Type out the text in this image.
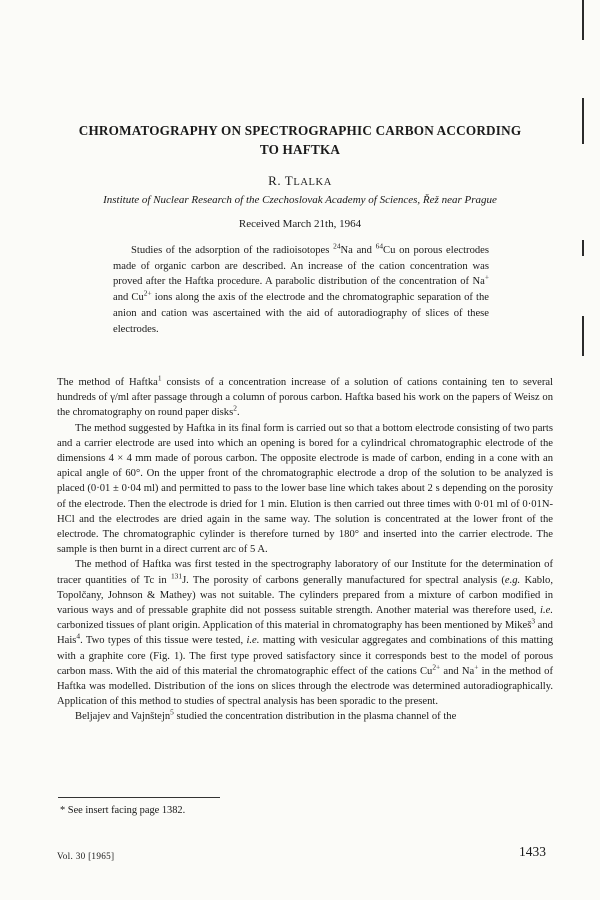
CHROMATOGRAPHY ON SPECTROGRAPHIC CARBON ACCORDING
TO HAFTKA
R. TLALKA
Institute of Nuclear Research of the Czechoslovak Academy of Sciences, Řež near Prague
Received March 21th, 1964
Studies of the adsorption of the radioisotopes $^{24}$Na and $^{64}$Cu on porous electrodes made of organic carbon are described. An increase of the cation concentration was proved after the Haftka procedure. A parabolic distribution of the concentration of Na+ and $Cu^{2+}$ ions along the axis of the electrode and the chromatographic separation of the anion and cation was ascertained with the aid of autoradiography of slices of these electrodes.

The method of Haftka$^1$ consists of a concentration increase of a solution of cations containing ten to several hundreds of γ/ml after passage through a column of porous carbon. Haftka based his work on the papers of Weisz on the chromatography on round paper disks$^2$.

The method suggested by Haftka in its final form is carried out so that a bottom electrode consisting of two parts and a carrier electrode are used into which an opening is bored for a cylindrical chromatographic electrode of the dimensions 4 × 4 mm made of porous carbon. The opposite electrode is made of carbon, ending in a cone with an apical angle of 60°. On the upper front of the chromatographic electrode a drop of the solution to be analyzed is placed (0·01 ± 0·04 ml) and permitted to pass to the lower base line which takes about 2 s depending on the porosity of the electrode. Then the electrode is dried for 1 min. Elution is then carried out three times with 0·01 ml of 0·01N-HCl and the electrodes are dried again in the same way. The solution is concentrated at the lower front of the electrode. The chromatographic cylinder is therefore turned by 180° and inserted into the carrier electrode. The sample is then burnt in a direct current arc of 5 A.

The method of Haftka was first tested in the spectrography laboratory of our Institute for the determination of tracer quantities of Tc in $^{131}$J. The porosity of carbons generally manufactured for spectral analysis (e.g. Kablo, Topolčany, Johnson & Mathey) was not suitable. The cylinders prepared from a mixture of carbon modified in various ways and of pressable graphite did not possess suitable strength. Another material was therefore used, i.e. carbonized tissues of plant origin. Application of this material in chromatography has been mentioned by Mikeš$^3$ and Hais$^4$. Two types of this tissue were tested, i.e. matting with vesicular aggregates and combinations of this matting with a graphite core (Fig. 1). The first type proved satisfactory since it corresponds best to the model of porous carbon mass. With the aid of this material the chromatographic effect of the cations $Cu^{2+}$ and Na+ in the method of Haftka was modelled. Distribution of the ions on slices through the electrode was determined autoradiographically. Application of this method to studies of spectral analysis has been sporadic to the present.

Beljajev and Vajnštejn$^5$ studied the concentration distribution in the plasma channel of the

* See insert facing page 1382.
Vol. 30 [1965]	1433
